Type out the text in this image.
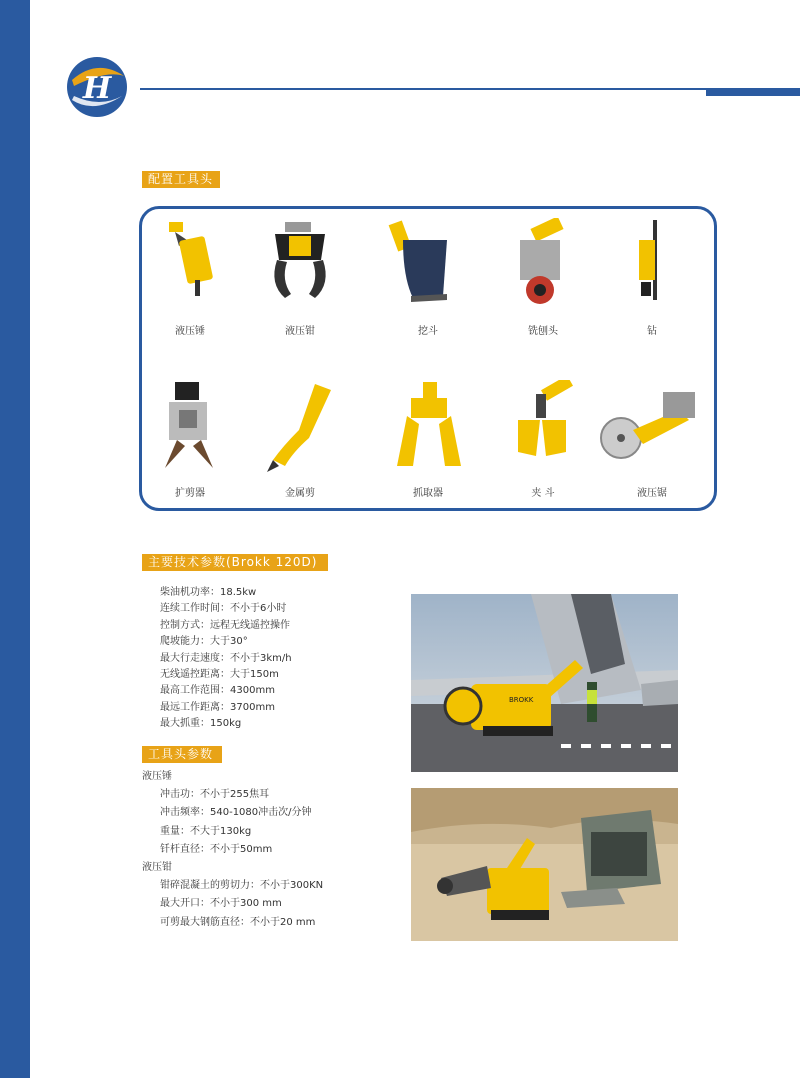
H
配置工具头
液压锤	液压钳	挖斗	铣刨头	钻
扩剪器	金属剪	抓取器	夹 斗	液压锯
主要技术参数(Brokk 120D)
柴油机功率：18.5kw
连续工作时间：不小于6小时
控制方式：远程无线遥控操作
爬坡能力：大于30°
最大行走速度：不小于3km/h
无线遥控距离：大于150m
最高工作范围：4300mm
最远工作距离：3700mm
最大抓重：150kg
工具头参数
液压锤
冲击功：不小于255焦耳
冲击频率：540-1080冲击次/分钟
重量：不大于130kg
钎杆直径：不小于50mm
液压钳
钳碎混凝土的剪切力：不小于300KN
最大开口：不小于300 mm
可剪最大钢筋直径：不小于20 mm
BROKK
